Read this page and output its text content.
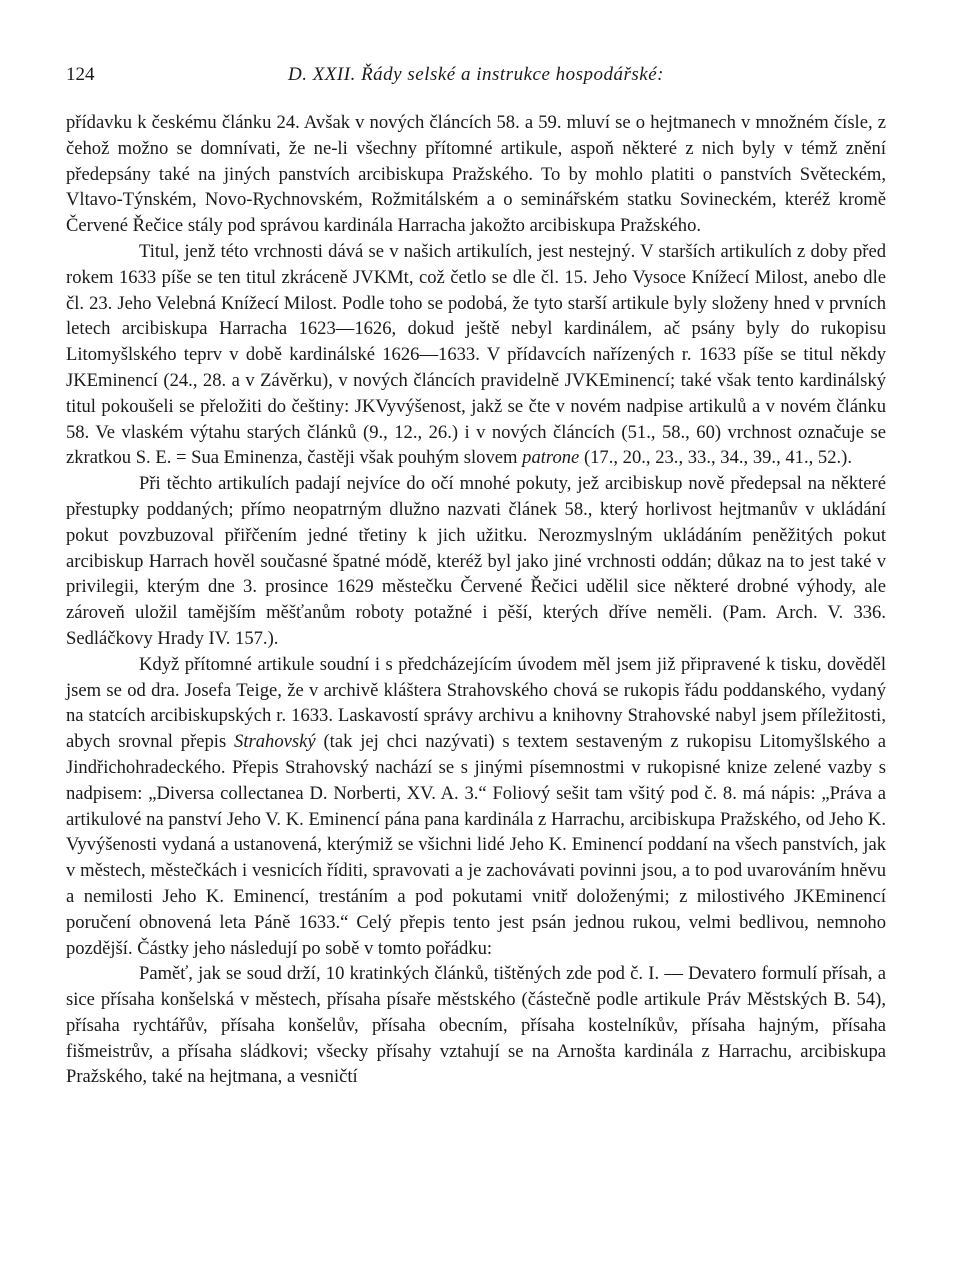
124	D. XXII. Řády selské a instrukce hospodářské:

přídavku k českému článku 24. Avšak v nových článcích 58. a 59. mluví se o hejtmanech v množném čísle, z čehož možno se domnívati, že ne-li všechny přítomné artikule, aspoň některé z nich byly v témž znění předepsány také na jiných panstvích arcibiskupa Pražského. To by mohlo platiti o panstvích Světeckém, Vltavo-Týnském, Novo-Rychnovském, Rožmitálském a o seminářském statku Sovineckém, kteréž kromě Červené Řečice stály pod správou kardinála Harracha jakožto arcibiskupa Pražského.

Titul, jenž této vrchnosti dává se v našich artikulích, jest nestejný. V starších artikulích z doby před rokem 1633 píše se ten titul zkráceně JVKMt, což četlo se dle čl. 15. Jeho Vysoce Knížecí Milost, anebo dle čl. 23. Jeho Velebná Knížecí Milost. Podle toho se podobá, že tyto starší artikule byly složeny hned v prvních letech arcibiskupa Harracha 1623—1626, dokud ještě nebyl kardinálem, ač psány byly do rukopisu Litomyšlského teprv v době kardinálské 1626—1633. V přídavcích nařízených r. 1633 píše se titul někdy JKEminencí (24., 28. a v Závěrku), v nových článcích pravidelně JVKEminencí; také však tento kardinálský titul pokoušeli se přeložiti do češtiny: JKVyvýšenost, jakž se čte v novém nadpise artikulů a v novém článku 58. Ve vlaském výtahu starých článků (9., 12., 26.) i v nových článcích (51., 58., 60) vrchnost označuje se zkratkou S. E. = Sua Eminenza, častěji však pouhým slovem patrone (17., 20., 23., 33., 34., 39., 41., 52.).

Při těchto artikulích padají nejvíce do očí mnohé pokuty, jež arcibiskup nově předepsal na některé přestupky poddaných; přímo neopatrným dlužno nazvati článek 58., který horlivost hejtmanův v ukládání pokut povzbuzoval přiřčením jedné třetiny k jich užitku. Nerozmyslným ukládáním peněžitých pokut arcibiskup Harrach hověl současné špatné módě, kteréž byl jako jiné vrchnosti oddán; důkaz na to jest také v privilegii, kterým dne 3. prosince 1629 městečku Červené Řečici udělil sice některé drobné výhody, ale zároveň uložil tamějším měšťanům roboty potažné i pěší, kterých dříve neměli. (Pam. Arch. V. 336. Sedláčkovy Hrady IV. 157.).

Když přítomné artikule soudní i s předcházejícím úvodem měl jsem již připravené k tisku, dověděl jsem se od dra. Josefa Teige, že v archivě kláštera Strahovského chová se rukopis řádu poddanského, vydaný na statcích arcibiskupských r. 1633. Laskavostí správy archivu a knihovny Strahovské nabyl jsem příležitosti, abych srovnal přepis Strahovský (tak jej chci nazývati) s textem sestaveným z rukopisu Litomyšlského a Jindřichohradeckého. Přepis Strahovský nachází se s jinými písemnostmi v rukopisné knize zelené vazby s nadpisem: „Diversa collectanea D. Norberti, XV. A. 3.“ Foliový sešit tam všitý pod č. 8. má nápis: „Práva a artikulové na panství Jeho V. K. Eminencí pána pana kardinála z Harrachu, arcibiskupa Pražského, od Jeho K. Vyvýšenosti vydaná a ustanovená, kterýmiž se všichni lidé Jeho K. Eminencí poddaní na všech panstvích, jak v městech, městečkách i vesnicích říditi, spravovati a je zachovávati povinni jsou, a to pod uvarováním hněvu a nemilosti Jeho K. Eminencí, trestáním a pod pokutami vnitř doloženými; z milostivého JKEminencí poručení obnovená leta Páně 1633.“ Celý přepis tento jest psán jednou rukou, velmi bedlivou, nemnoho pozdější. Částky jeho následují po sobě v tomto pořádku:

Paměť, jak se soud drží, 10 kratinkých článků, tištěných zde pod č. I. — Devatero formulí přísah, a sice přísaha konšelská v městech, přísaha písaře městského (částečně podle artikule Práv Městských B. 54), přísaha rychtářův, přísaha konšelův, přísaha obecním, přísaha kostelníkův, přísaha hajným, přísaha fišmeistrův, a přísaha sládkovi; všecky přísahy vztahují se na Arnošta kardinála z Harrachu, arcibiskupa Pražského, také na hejtmana, a vesničtí
